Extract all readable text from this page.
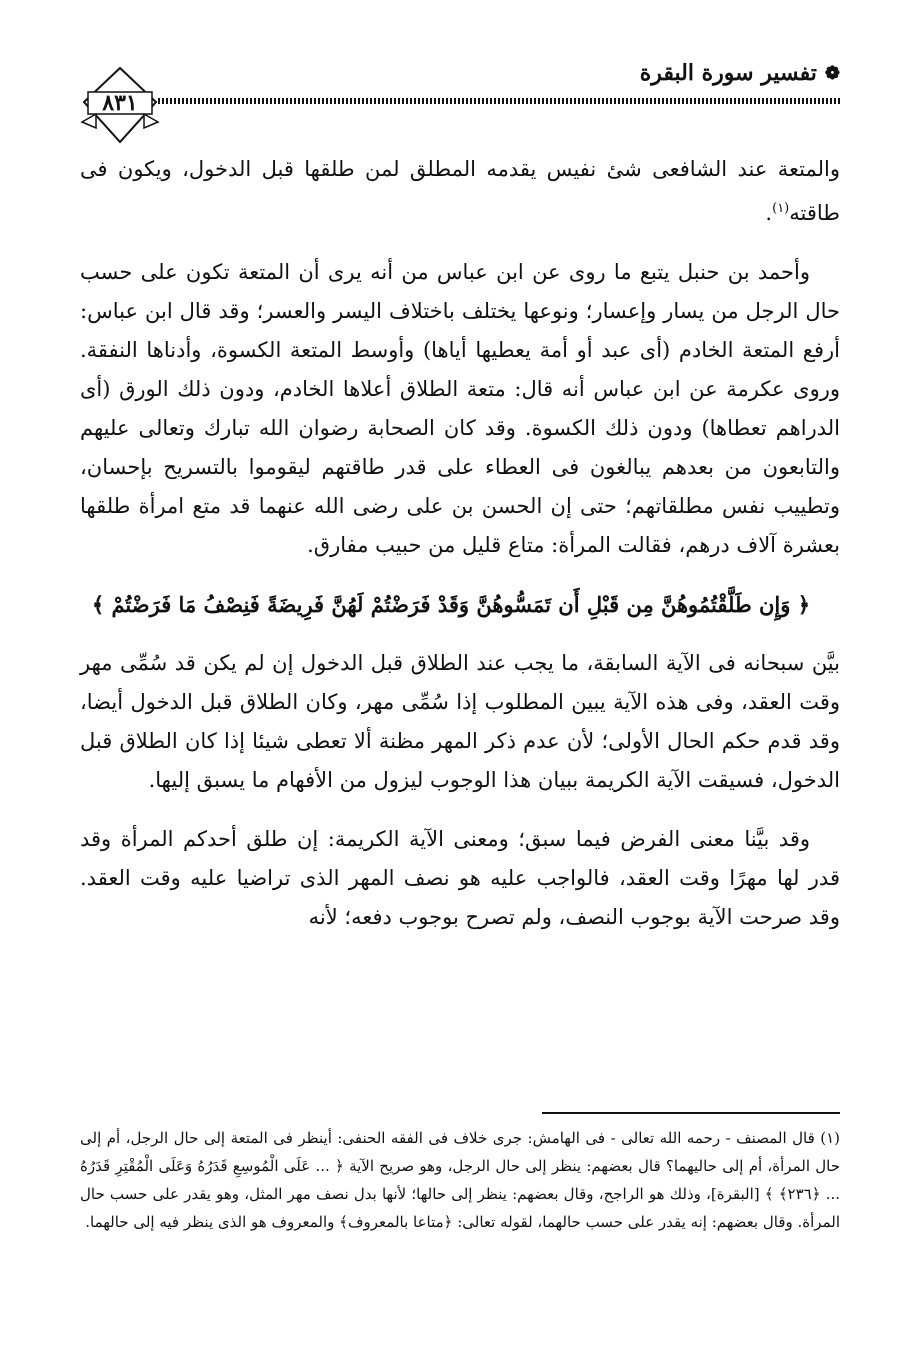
❁
تفسير سورة البقرة
٨٣١

والمتعة عند الشافعى شئ نفيس يقدمه المطلق لمن طلقها قبل الدخول، ويكون فى طاقته$^{(١)}$.

وأحمد بن حنبل يتبع ما روى عن ابن عباس من أنه يرى أن المتعة تكون على حسب حال الرجل من يسار وإعسار؛ ونوعها يختلف باختلاف اليسر والعسر؛ وقد قال ابن عباس: أرفع المتعة الخادم (أى عبد أو أمة يعطيها أياها) وأوسط المتعة الكسوة، وأدناها النفقة. وروى عكرمة عن ابن عباس أنه قال: متعة الطلاق أعلاها الخادم، ودون ذلك الورق (أى الدراهم تعطاها) ودون ذلك الكسوة. وقد كان الصحابة رضوان الله تبارك وتعالى عليهم والتابعون من بعدهم يبالغون فى العطاء على قدر طاقتهم ليقوموا بالتسريح بإحسان، وتطييب نفس مطلقاتهم؛ حتى إن الحسن بن على رضى الله عنهما قد متع امرأة طلقها بعشرة آلاف درهم، فقالت المرأة: متاع قليل من حبيب مفارق.

﴿ وَإِن طَلَّقْتُمُوهُنَّ مِن قَبْلِ أَن تَمَسُّوهُنَّ وَقَدْ فَرَضْتُمْ لَهُنَّ فَرِيضَةً فَنِصْفُ مَا فَرَضْتُمْ ﴾

بيَّن سبحانه فى الآية السابقة، ما يجب عند الطلاق قبل الدخول إن لم يكن قد سُمِّى مهر وقت العقد، وفى هذه الآية يبين المطلوب إذا سُمِّى مهر، وكان الطلاق قبل الدخول أيضا، وقد قدم حكم الحال الأولى؛ لأن عدم ذكر المهر مظنة ألا تعطى شيئا إذا كان الطلاق قبل الدخول، فسيقت الآية الكريمة ببيان هذا الوجوب ليزول من الأفهام ما يسبق إليها.

وقد بيَّنا معنى الفرض فيما سبق؛ ومعنى الآية الكريمة: إن طلق أحدكم المرأة وقد قدر لها مهرًا وقت العقد، فالواجب عليه هو نصف المهر الذى تراضيا عليه وقت العقد. وقد صرحت الآية بوجوب النصف، ولم تصرح بوجوب دفعه؛ لأنه

(١) قال المصنف - رحمه الله تعالى - فى الهامش: جرى خلاف فى الفقه الحنفى: أينظر فى المتعة إلى حال الرجل، أم إلى حال المرأة، أم إلى حاليهما؟ قال بعضهم: ينظر إلى حال الرجل، وهو صريح الآية ﴿ ... عَلَى الْمُوسِعِ قَدَرُهُ وَعَلَى الْمُقْتِرِ قَدَرُهُ ... ﴿٢٣٦﴾ ﴾ [البقرة]، وذلك هو الراجح، وقال بعضهم: ينظر إلى حالها؛ لأنها بدل نصف مهر المثل، وهو يقدر على حسب حال المرأة. وقال بعضهم: إنه يقدر على حسب حالهما، لقوله تعالى: ﴿متاعا بالمعروف﴾ والمعروف هو الذى ينظر فيه إلى حالهما.
